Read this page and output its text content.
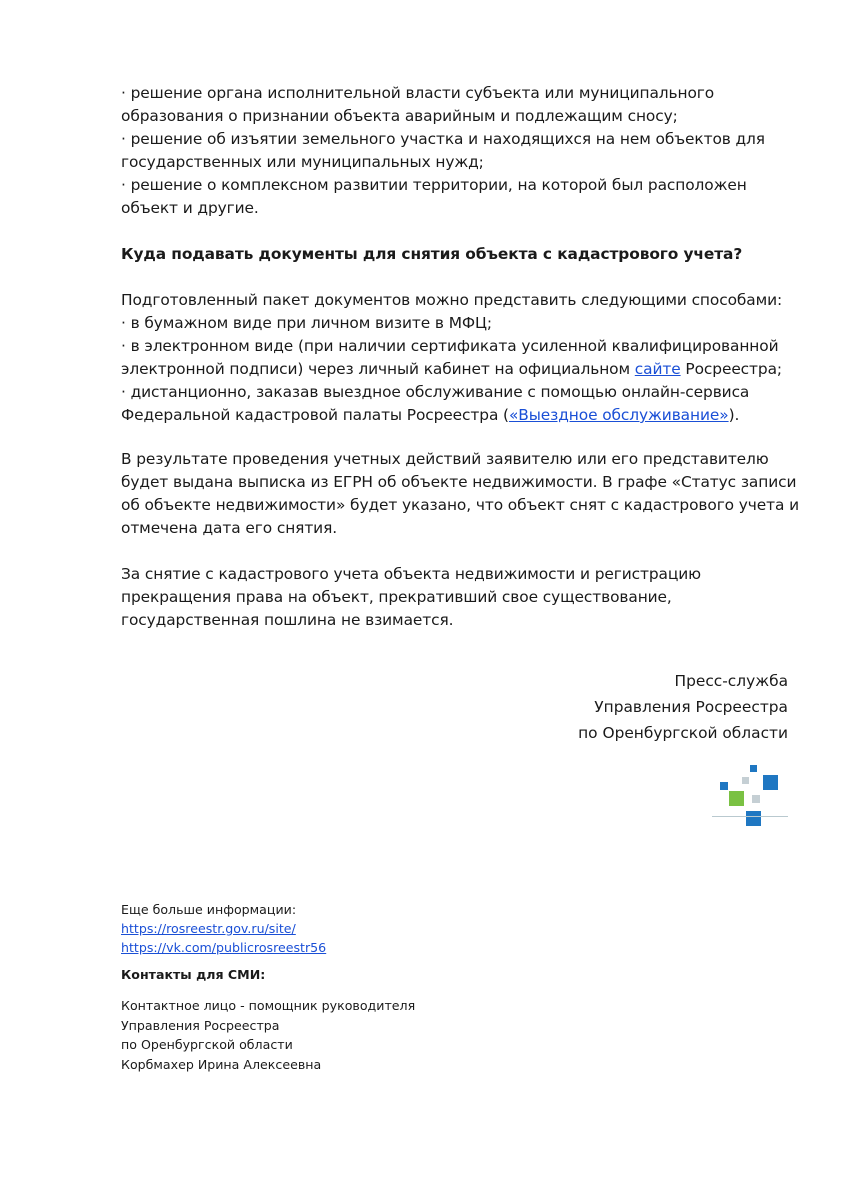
· решение органа исполнительной власти субъекта или муниципального
образования о признании объекта аварийным и подлежащим сносу;
· решение об изъятии земельного участка и находящихся на нем объектов для
государственных или муниципальных нужд;
· решение о комплексном развитии территории, на которой был расположен
объект и другие.
Куда подавать документы для снятия объекта с кадастрового учета?
Подготовленный пакет документов можно представить следующими способами:
· в бумажном виде при личном визите в МФЦ;
· в электронном виде (при наличии сертификата усиленной квалифицированной
электронной подписи) через личный кабинет на официальном сайте Росреестра;
· дистанционно, заказав выездное обслуживание с помощью онлайн-сервиса
Федеральной кадастровой палаты Росреестра («Выездное обслуживание»).
В результате проведения учетных действий заявителю или его представителю
будет выдана выписка из ЕГРН об объекте недвижимости. В графе «Статус записи
об объекте недвижимости» будет указано, что объект снят с кадастрового учета и
отмечена дата его снятия.
За снятие с кадастрового учета объекта недвижимости и регистрацию
прекращения права на объект, прекративший свое существование,
государственная пошлина не взимается.
Пресс-служба
Управления Росреестра
по Оренбургской области
Еще больше информации:
https://rosreestr.gov.ru/site/
https://vk.com/publicrosreestr56
Контакты для СМИ:
Контактное лицо - помощник руководителя
Управления Росреестра
по Оренбургской области
Корбмахер Ирина Алексеевна
